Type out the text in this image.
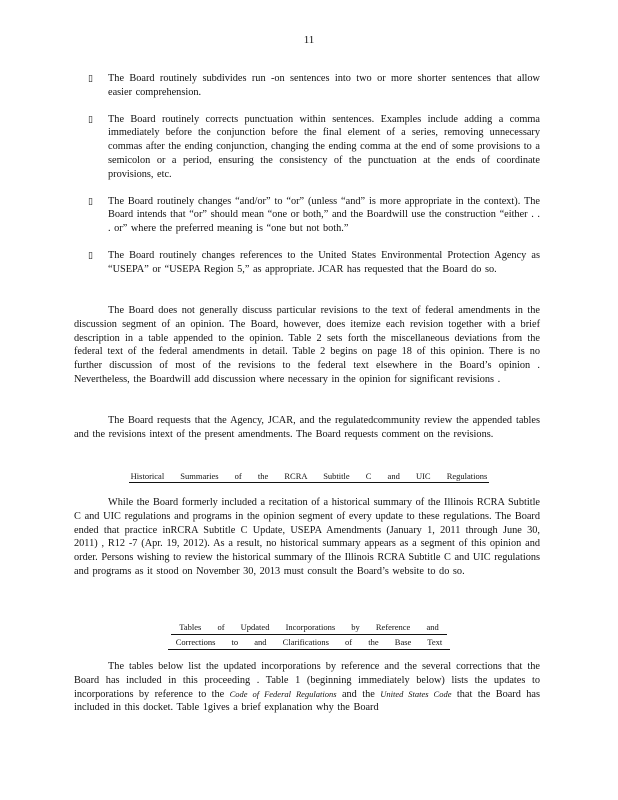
11
▯	The Board routinely subdivides run -on sentences into two or more shorter sentences that allow easier comprehension.
▯	The Board routinely corrects punctuation within sentences. Examples include adding a comma immediately before the conjunction before the final element of a series, removing unnecessary commas after the ending conjunction, changing the ending comma at the end of some provisions to a semicolon or a period, ensuring the consistency of the punctuation at the ends of coordinate provisions, etc.
▯	The Board routinely changes “and/or” to “or” (unless “and” is more appropriate in the context). The Board intends that “or” should mean “one or both,” and the Boardwill use the construction “either . . . or” where the preferred meaning is “one but not both.”
▯	The Board routinely changes references to the United States Environmental Protection Agency as “USEPA” or “USEPA Region 5,” as appropriate. JCAR has requested that the Board do so.

The Board does not generally discuss particular revisions to the text of federal amendments in the discussion segment of an opinion. The Board, however, does itemize each revision together with a brief description in a table appended to the opinion. Table 2 sets forth the miscellaneous deviations from the federal text of the federal amendments in detail. Table 2 begins on page 18 of this opinion. There is no further discussion of most of the revisions to the federal text elsewhere in the Board’s opinion . Nevertheless, the Boardwill add discussion where necessary in the opinion for significant revisions .

The Board requests that the Agency, JCAR, and the regulatedcommunity review the appended tables and the revisions intext of the present amendments. The Board requests comment on the revisions.

Historical Summaries of the RCRA Subtitle C and UIC Regulations

While the Board formerly included a recitation of a historical summary of the Illinois RCRA Subtitle C and UIC regulations and programs in the opinion segment of every update to these regulations. The Board ended that practice inRCRA Subtitle C Update, USEPA Amendments (January 1, 2011 through June 30, 2011) , R12 -7 (Apr. 19, 2012). As a result, no historical summary appears as a segment of this opinion and order. Persons wishing to review the historical summary of the Illinois RCRA Subtitle C and UIC regulations and programs as it stood on November 30, 2013 must consult the Board’s website to do so.

Tables of Updated Incorporations by Reference and
Corrections to and Clarifications of the Base Text

The tables below list the updated incorporations by reference and the several corrections that the Board has included in this proceeding . Table 1 (beginning immediately below) lists the updates to incorporations by reference to the Code of Federal Regulations and the United States Code that the Board has included in this docket. Table 1gives a brief explanation why the Board
